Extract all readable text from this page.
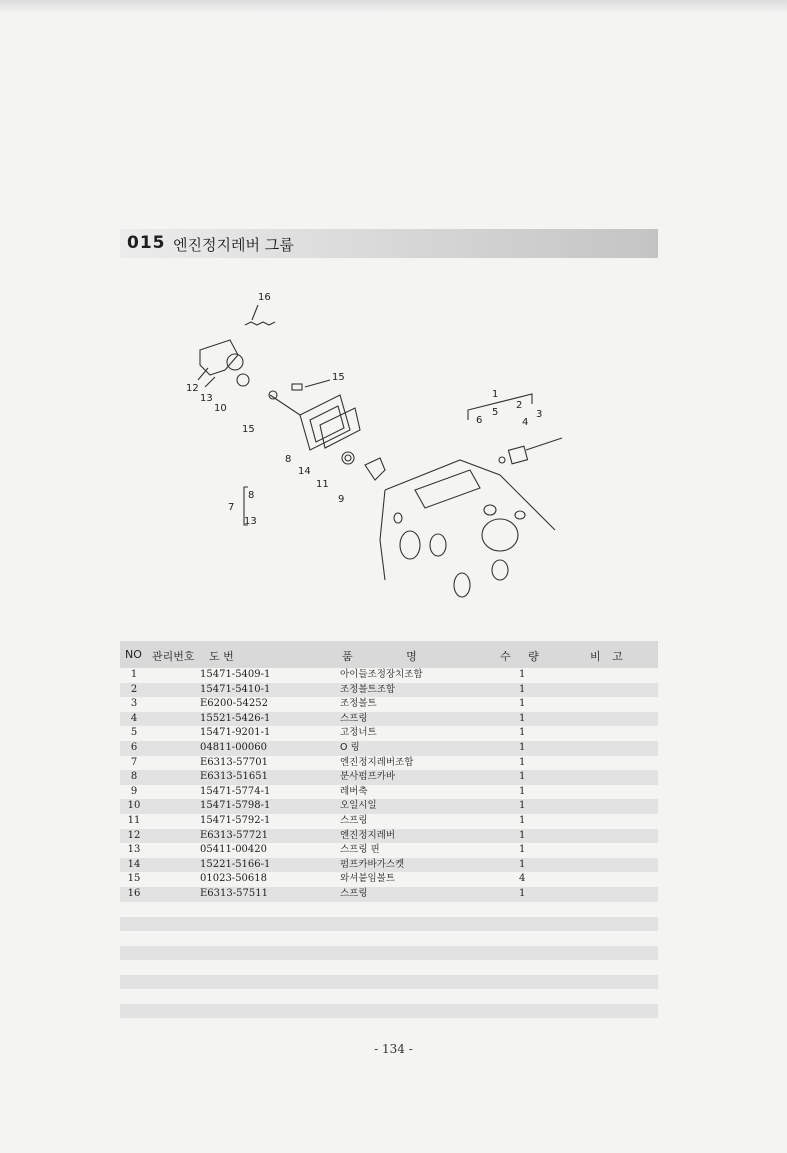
015 엔진정지레버 그룹
16
15
12
13
10
15
8
14
11
9
1
2
5
6	4
3
7
8
13
NO 관리번호 도 번	품 명	수 량	비 고
1	15471-5409-1	아이들조정장치조합	1
2	15471-5410-1	조정볼트조합	1
3	E6200-54252	조정볼트	1
4	15521-5426-1	스프링	1
5	15471-9201-1	고정너트	1
6	04811-00060	O 링	1
7	E6313-57701	엔진정지레버조합	1
8	E6313-51651	분사펌프카바	1
9	15471-5774-1	레버축	1
10	15471-5798-1	오일시일	1
11	15471-5792-1	스프링	1
12	E6313-57721	엔진정지레버	1
13	05411-00420	스프링 핀	1
14	15221-5166-1	펌프카바가스켓	1
15	01023-50618	와셔붙임볼트	4
16	E6313-57511	스프링	1
- 134 -
